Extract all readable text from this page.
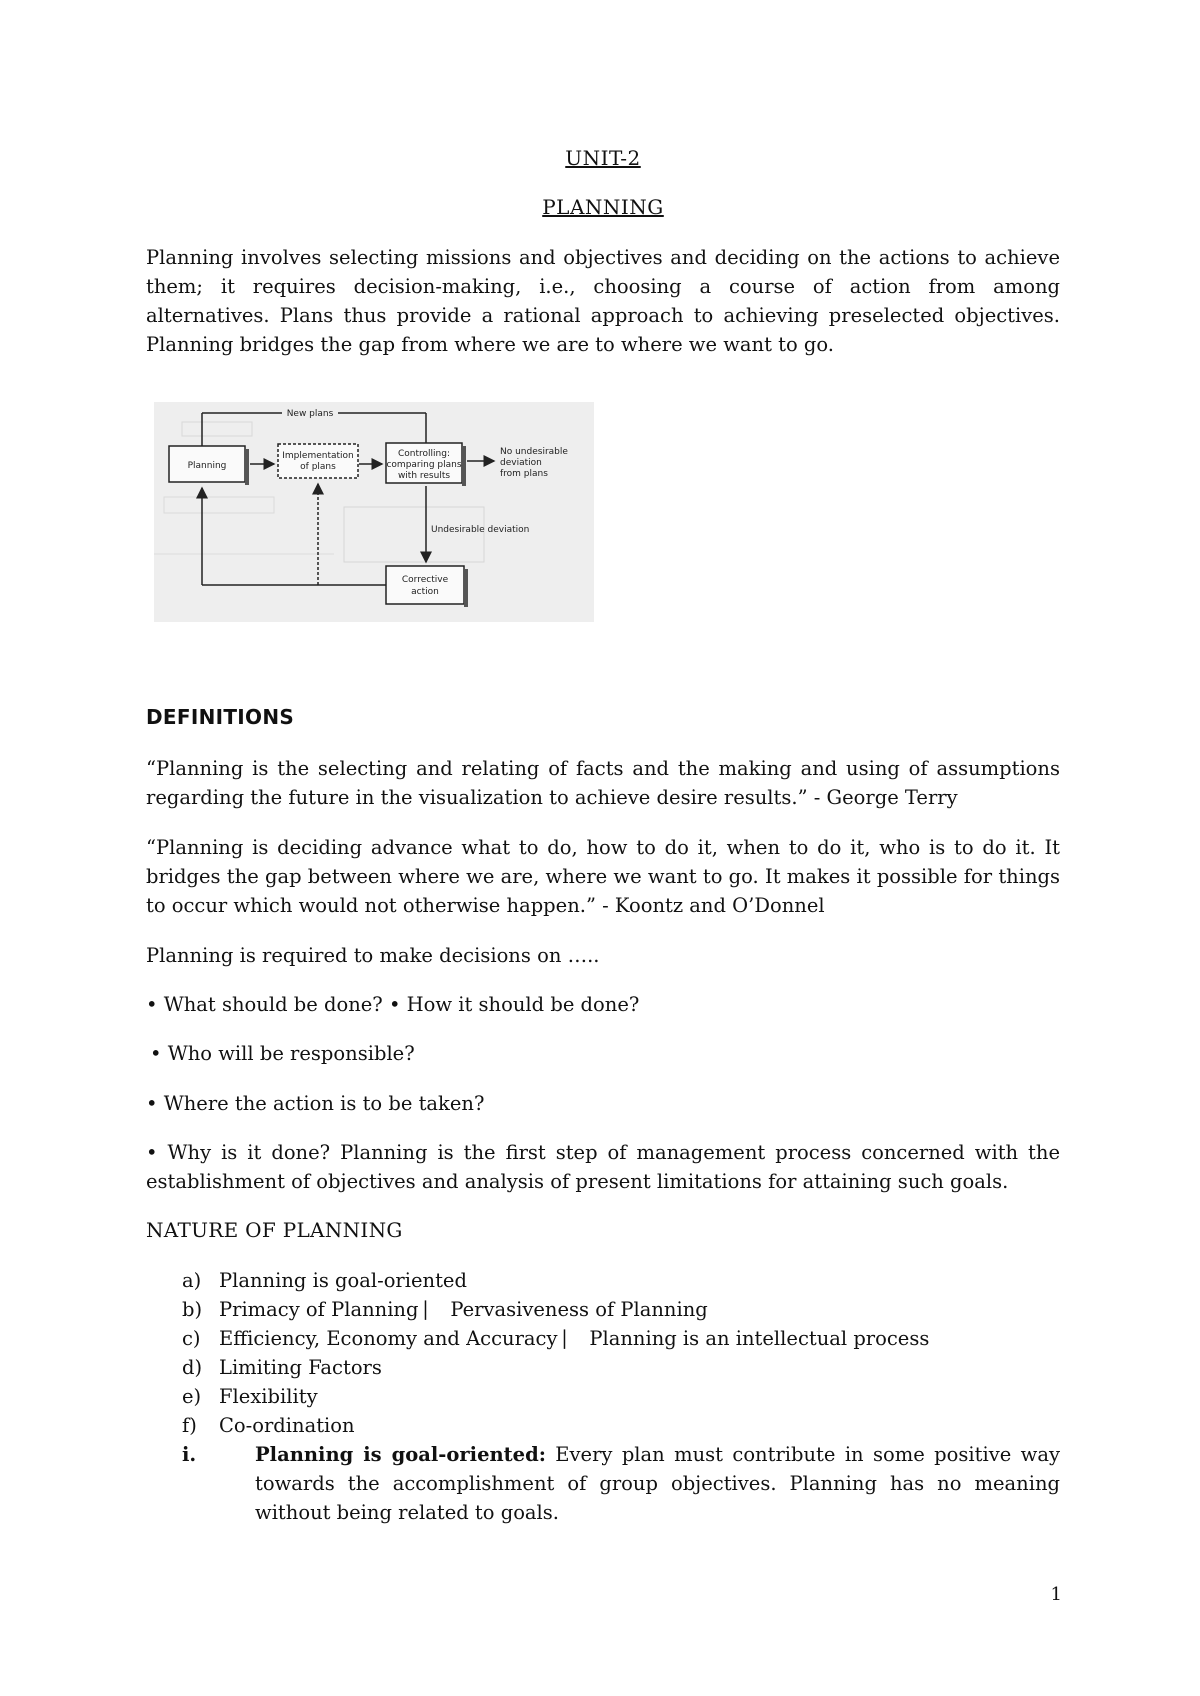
UNIT-2
PLANNING

Planning involves selecting missions and objectives and deciding on the actions to achieve them; it requires decision-making, i.e., choosing a course of action from among alternatives. Plans thus provide a rational approach to achieving preselected objectives. Planning bridges the gap from where we are to where we want to go.

DEFINITIONS

“Planning is the selecting and relating of facts and the making and using of assumptions regarding the future in the visualization to achieve desire results.” - George Terry

“Planning is deciding advance what to do, how to do it, when to do it, who is to do it. It bridges the gap between where we are, where we want to go. It makes it possible for things to occur which would not otherwise happen.” - Koontz and O’Donnel

Planning is required to make decisions on …..

• What should be done? • How it should be done?

• Who will be responsible?

• Where the action is to be taken?

• Why is it done? Planning is the first step of management process concerned with the establishment of objectives and analysis of present limitations for attaining such goals.

NATURE OF PLANNING
a) Planning is goal-oriented
b) Primacy of Planning ⎸ Pervasiveness of Planning
c) Efficiency, Economy and Accuracy ⎸ Planning is an intellectual process
d) Limiting Factors
e) Flexibility
f)	Co-ordination
i.	Planning is goal-oriented: Every plan must contribute in some positive way towards the accomplishment of group objectives. Planning has no meaning without being related to goals.

New plans
Planning
Implementation
of plans
Controlling:
comparing plans
with results
No undesirable
deviation
from plans
Undesirable deviation
Corrective
action
1
